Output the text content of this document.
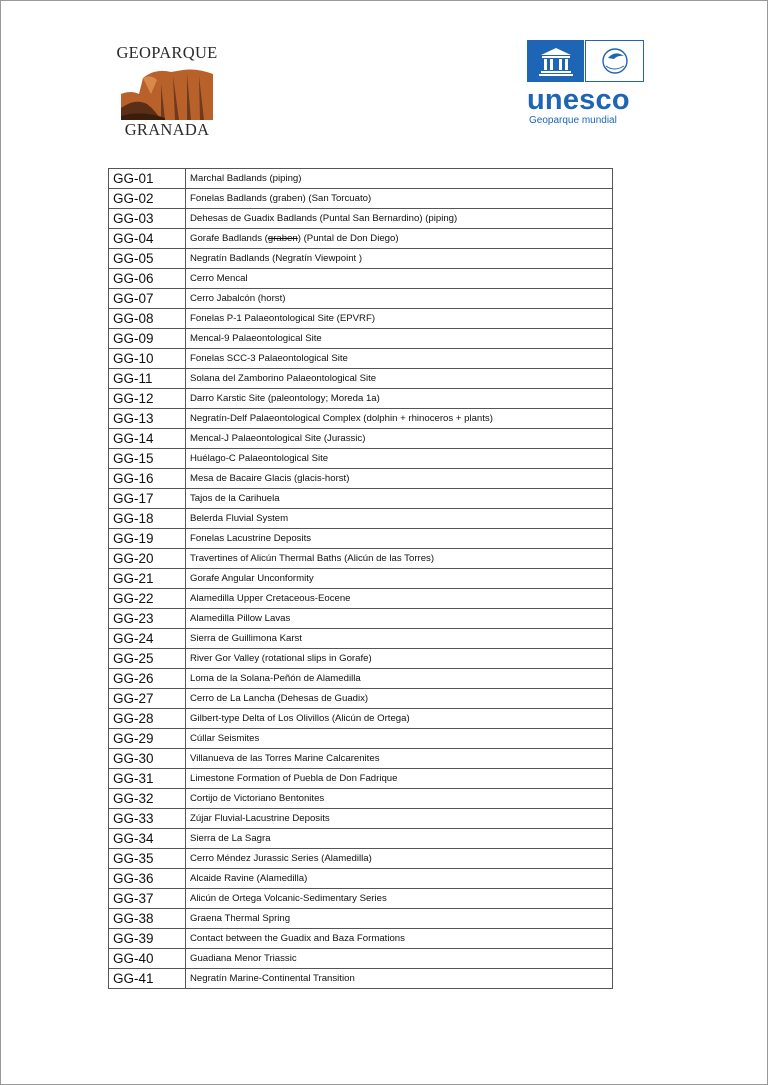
GEOPARQUE
GRANADA
unesco
Geoparque mundial
GG-01	Marchal Badlands (piping)
GG-02	Fonelas Badlands (graben) (San Torcuato)
GG-03	Dehesas de Guadix Badlands (Puntal San Bernardino) (piping)
GG-04	Gorafe Badlands (graben) (Puntal de Don Diego)
GG-05	Negratín Badlands (Negratín Viewpoint )
GG-06	Cerro Mencal
GG-07	Cerro Jabalcón (horst)
GG-08	Fonelas P-1 Palaeontological Site (EPVRF)
GG-09	Mencal-9 Palaeontological Site
GG-10	Fonelas SCC-3 Palaeontological Site
GG-11	Solana del Zamborino Palaeontological Site
GG-12	Darro Karstic Site (paleontology; Moreda 1a)
GG-13	Negratín-Delf Palaeontological Complex (dolphin + rhinoceros + plants)
GG-14	Mencal-J Palaeontological Site (Jurassic)
GG-15	Huélago-C Palaeontological Site
GG-16	Mesa de Bacaire Glacis (glacis-horst)
GG-17	Tajos de la Carihuela
GG-18	Belerda Fluvial System
GG-19	Fonelas Lacustrine Deposits
GG-20	Travertines of Alicún Thermal Baths (Alicún de las Torres)
GG-21	Gorafe Angular Unconformity
GG-22	Alamedilla Upper Cretaceous-Eocene
GG-23	Alamedilla Pillow Lavas
GG-24	Sierra de Guillimona Karst
GG-25	River Gor Valley (rotational slips in Gorafe)
GG-26	Loma de la Solana-Peñón de Alamedilla
GG-27	Cerro de La Lancha (Dehesas de Guadix)
GG-28	Gilbert-type Delta of Los Olivillos (Alicún de Ortega)
GG-29	Cúllar Seismites
GG-30	Villanueva de las Torres Marine Calcarenites
GG-31	Limestone Formation of Puebla de Don Fadrique
GG-32	Cortijo de Victoriano Bentonites
GG-33	Zújar Fluvial-Lacustrine Deposits
GG-34	Sierra de La Sagra
GG-35	Cerro Méndez Jurassic Series (Alamedilla)
GG-36	Alcaide Ravine (Alamedilla)
GG-37	Alicún de Ortega Volcanic-Sedimentary Series
GG-38	Graena Thermal Spring
GG-39	Contact between the Guadix and Baza Formations
GG-40	Guadiana Menor Triassic
GG-41	Negratín Marine-Continental Transition
